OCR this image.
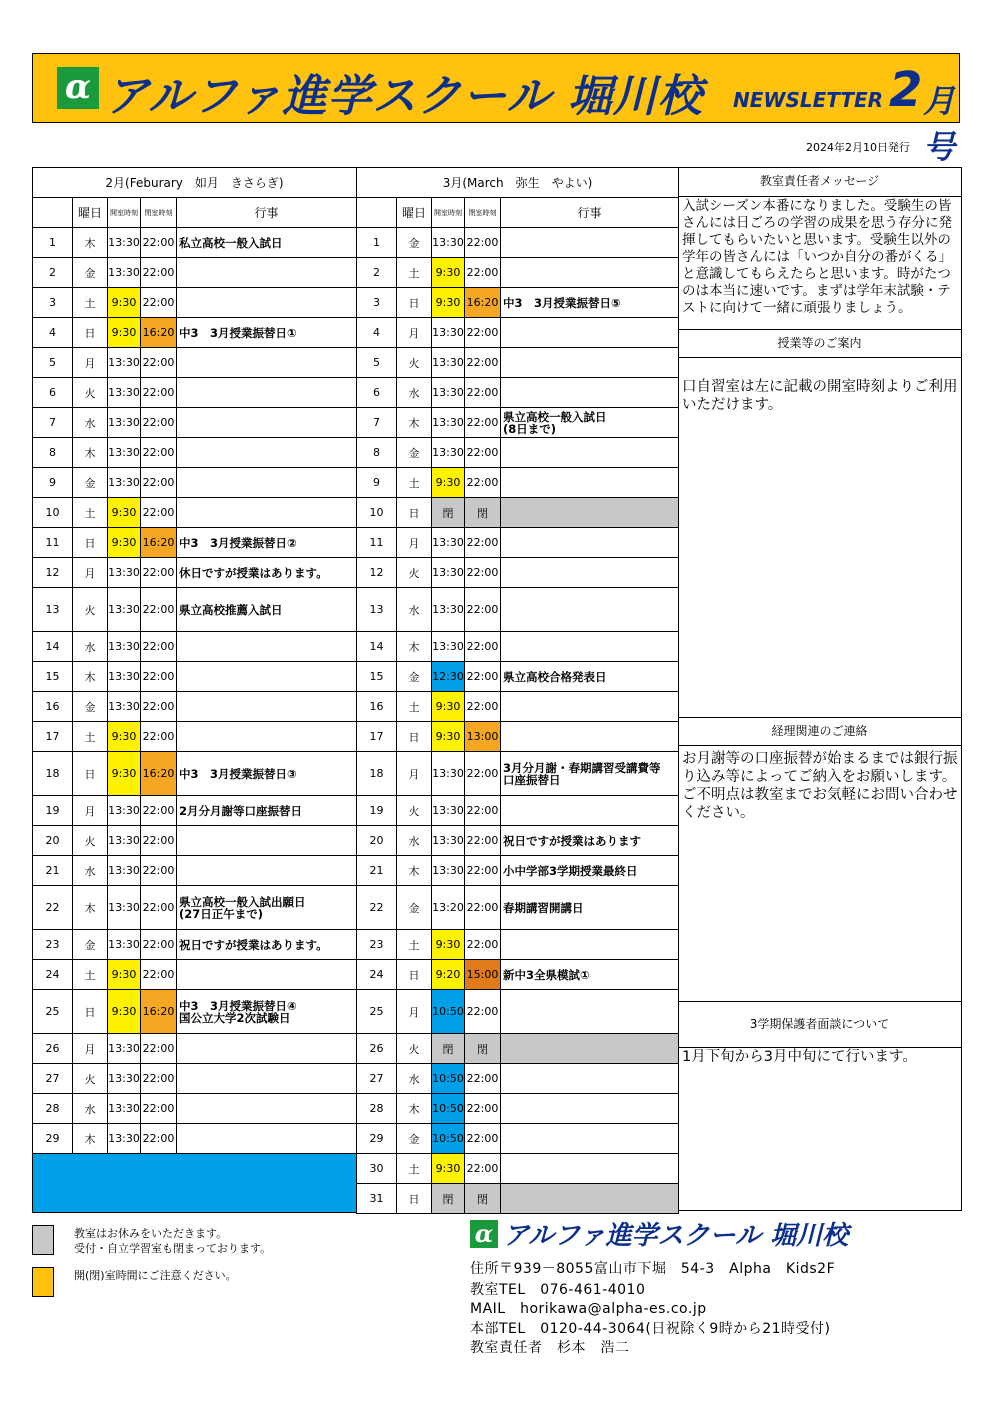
α アルファ進学スクール 堀川校 NEWSLETTER 2 月号
2024年2月10日発行
2月(Feburary　如月　きさらぎ)				
	曜日	開室時刻	閉室時刻	行事
1	木	13:30	22:00	私立高校一般入試日

2	金	13:30	22:00	

3	土	9:30	22:00	

4	日	9:30	16:20	中3　3月授業振替日①

5	月	13:30	22:00	

6	火	13:30	22:00	

7	水	13:30	22:00	

8	木	13:30	22:00	

9	金	13:30	22:00	

10	土	9:30	22:00	

11	日	9:30	16:20	中3　3月授業振替日②

12	月	13:30	22:00	休日ですが授業はあります。

13	火	13:30	22:00	県立高校推薦入試日

14	水	13:30	22:00	

15	木	13:30	22:00	

16	金	13:30	22:00	

17	土	9:30	22:00	

18	日	9:30	16:20	中3　3月授業振替日③

19	月	13:30	22:00	2月分月謝等口座振替日

20	火	13:30	22:00	

21	水	13:30	22:00	

22	木	13:30	22:00	県立高校一般入試出願日
(27日正午まで)

23	金	13:30	22:00	祝日ですが授業はあります。

24	土	9:30	22:00	

25	日	9:30	16:20	中3　3月授業振替日④
国公立大学2次試験日

26	月	13:30	22:00	

27	火	13:30	22:00	

28	水	13:30	22:00	

29	木	13:30	22:00	

3月(March　弥生　やよい)				
	曜日	開室時刻	閉室時刻	行事
1	金	13:30	22:00	

2	土	9:30	22:00	

3	日	9:30	16:20	中3　3月授業振替日⑤

4	月	13:30	22:00	

5	火	13:30	22:00	

6	水	13:30	22:00	

7	木	13:30	22:00	県立高校一般入試日
(8日まで)

8	金	13:30	22:00	

9	土	9:30	22:00	

10	日	閉	閉	

11	月	13:30	22:00	

12	火	13:30	22:00	

13	水	13:30	22:00	

14	木	13:30	22:00	

15	金	12:30	22:00	県立高校合格発表日

16	土	9:30	22:00	

17	日	9:30	13:00	

18	月	13:30	22:00	3月分月謝・春期講習受講費等
口座振替日

19	火	13:30	22:00	

20	水	13:30	22:00	祝日ですが授業はあります

21	木	13:30	22:00	小中学部3学期授業最終日

22	金	13:20	22:00	春期講習開講日

23	土	9:30	22:00	

24	日	9:20	15:00	新中3全県模試①

25	月	10:50	22:00	

26	火	閉	閉	

27	水	10:50	22:00	

28	木	10:50	22:00	

29	金	10:50	22:00	

30	土	9:30	22:00	

31	日	閉	閉	
教室責任者メッセージ
入試シーズン本番になりました。受験生の皆さんには日ごろの学習の成果を思う存分に発揮してもらいたいと思います。受験生以外の学年の皆さんには「いつか自分の番がくる」と意識してもらえたらと思います。時がたつのは本当に速いです。まずは学年末試験・テストに向けて一緒に頑張りましょう。
授業等のご案内
口自習室は左に記載の開室時刻よりご利用いただけます。
経理関連のご連絡
お月謝等の口座振替が始まるまでは銀行振り込み等によってご納入をお願いします。ご不明点は教室までお気軽にお問い合わせください。
3学期保護者面談について
1月下旬から3月中旬にて行います。
教室はお休みをいただきます。
受付・自立学習室も閉まっております。
開(閉)室時間にご注意ください。
α アルファ進学スクール 堀川校
住所〒939－8055富山市下堀　54-3　Alpha　Kids2F
教室TEL　076-461-4010
MAIL　horikawa@alpha-es.co.jp
本部TEL　0120-44-3064(日祝除く9時から21時受付)
教室責任者　杉本　浩二
